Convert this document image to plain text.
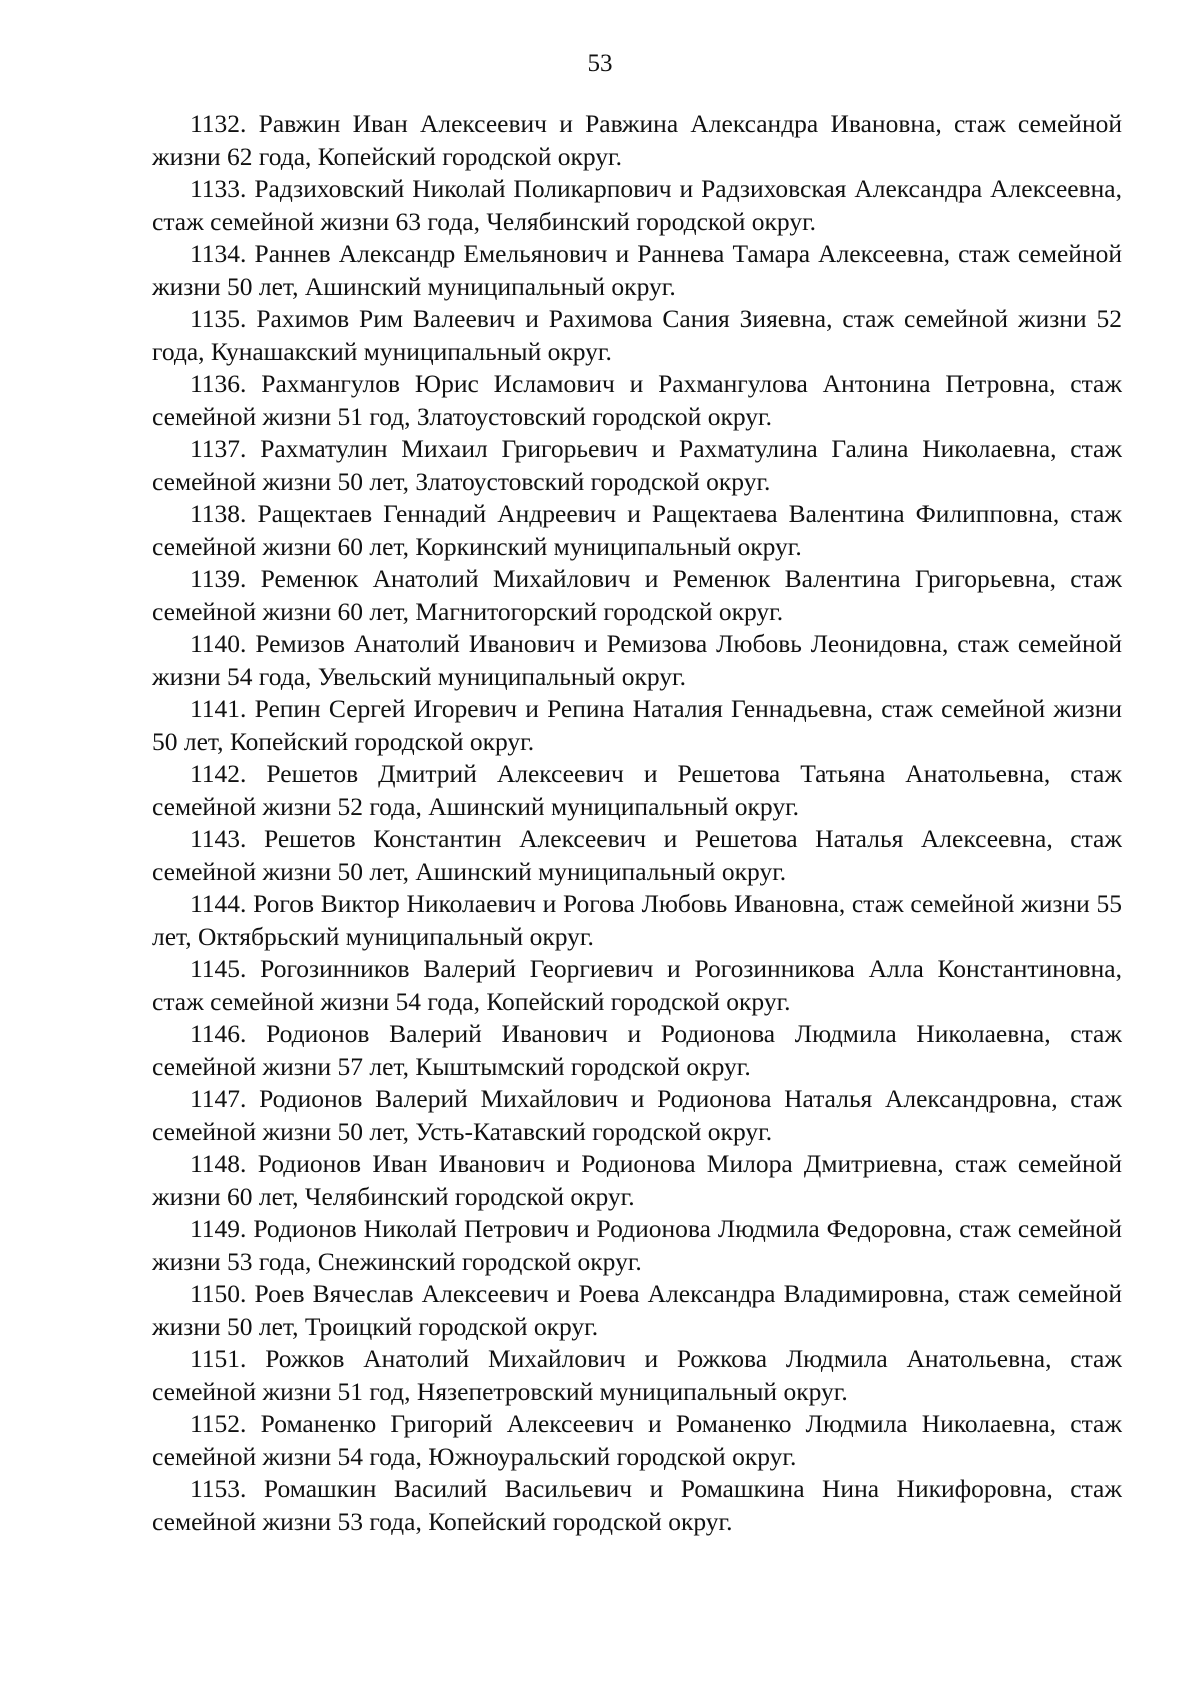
53

1132. Равжин Иван Алексеевич и Равжина Александра Ивановна, стаж семейной жизни 62 года, Копейский городской округ.

1133. Радзиховский Николай Поликарпович и Радзиховская Александра Алексеевна, стаж семейной жизни 63 года, Челябинский городской округ.

1134. Раннев Александр Емельянович и Раннева Тамара Алексеевна, стаж семейной жизни 50 лет, Ашинский муниципальный округ.

1135. Рахимов Рим Валеевич и Рахимова Сания Зияевна, стаж семейной жизни 52 года, Кунашакский муниципальный округ.

1136. Рахмангулов Юрис Исламович и Рахмангулова Антонина Петровна, стаж семейной жизни 51 год, Златоустовский городской округ.

1137. Рахматулин Михаил Григорьевич и Рахматулина Галина Николаевна, стаж семейной жизни 50 лет, Златоустовский городской округ.

1138. Ращектаев Геннадий Андреевич и Ращектаева Валентина Филипповна, стаж семейной жизни 60 лет, Коркинский муниципальный округ.

1139. Ременюк Анатолий Михайлович и Ременюк Валентина Григорьевна, стаж семейной жизни 60 лет, Магнитогорский городской округ.

1140. Ремизов Анатолий Иванович и Ремизова Любовь Леонидовна, стаж семейной жизни 54 года, Увельский муниципальный округ.

1141. Репин Сергей Игоревич и Репина Наталия Геннадьевна, стаж семейной жизни 50 лет, Копейский городской округ.

1142. Решетов Дмитрий Алексеевич и Решетова Татьяна Анатольевна, стаж семейной жизни 52 года, Ашинский муниципальный округ.

1143. Решетов Константин Алексеевич и Решетова Наталья Алексеевна, стаж семейной жизни 50 лет, Ашинский муниципальный округ.

1144. Рогов Виктор Николаевич и Рогова Любовь Ивановна, стаж семейной жизни 55 лет, Октябрьский муниципальный округ.

1145. Рогозинников Валерий Георгиевич и Рогозинникова Алла Константиновна, стаж семейной жизни 54 года, Копейский городской округ.

1146. Родионов Валерий Иванович и Родионова Людмила Николаевна, стаж семейной жизни 57 лет, Кыштымский городской округ.

1147. Родионов Валерий Михайлович и Родионова Наталья Александровна, стаж семейной жизни 50 лет, Усть-Катавский городской округ.

1148. Родионов Иван Иванович и Родионова Милора Дмитриевна, стаж семейной жизни 60 лет, Челябинский городской округ.

1149. Родионов Николай Петрович и Родионова Людмила Федоровна, стаж семейной жизни 53 года, Снежинский городской округ.

1150. Роев Вячеслав Алексеевич и Роева Александра Владимировна, стаж семейной жизни 50 лет, Троицкий городской округ.

1151. Рожков Анатолий Михайлович и Рожкова Людмила Анатольевна, стаж семейной жизни 51 год, Нязепетровский муниципальный округ.

1152. Романенко Григорий Алексеевич и Романенко Людмила Николаевна, стаж семейной жизни 54 года, Южноуральский городской округ.

1153. Ромашкин Василий Васильевич и Ромашкина Нина Никифоровна, стаж семейной жизни 53 года, Копейский городской округ.
